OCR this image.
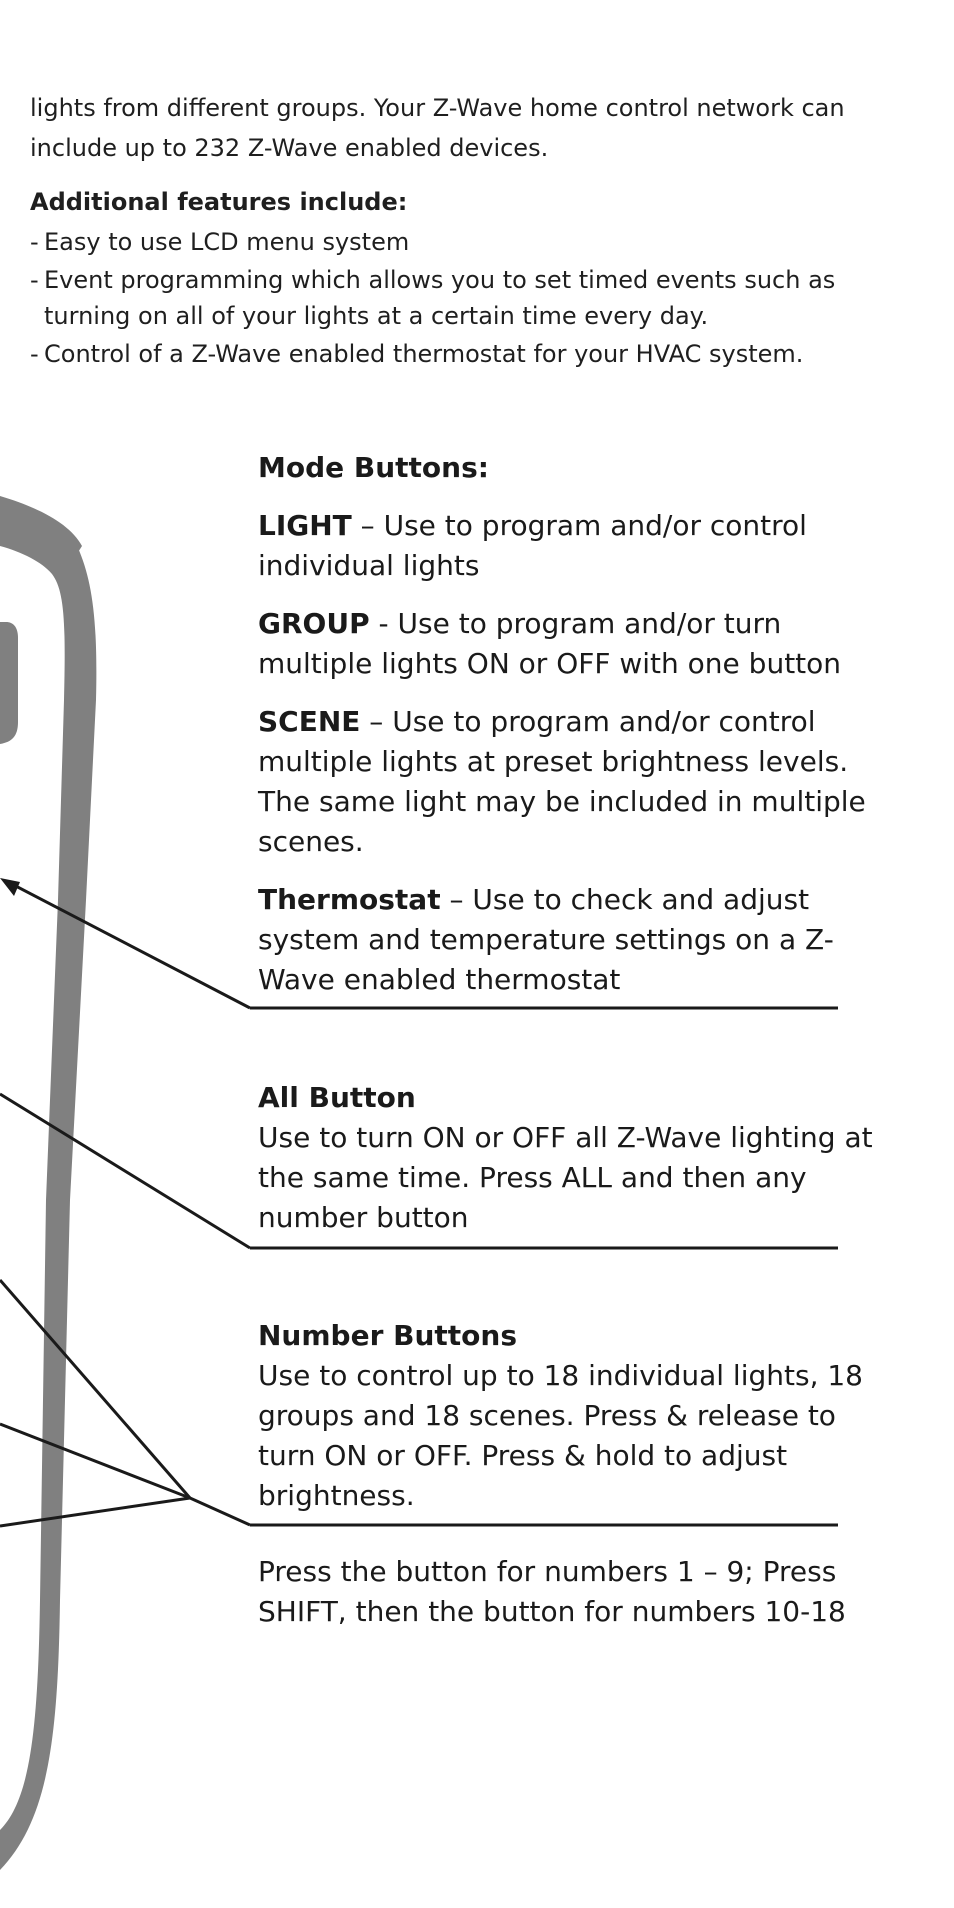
lights from different groups. Your Z-Wave home control network can include up to 232 Z-Wave enabled devices.

Additional features include:

- Easy to use LCD menu system
- Event programming which allows you to set timed events such as turning on all of your lights at a certain time every day.
- Control of a Z-Wave enabled thermostat for your HVAC system.

Mode Buttons:

LIGHT – Use to program and/or control individual lights

GROUP - Use to program and/or turn multiple lights ON or OFF with one button

SCENE – Use to program and/or control multiple lights at preset brightness levels. The same light may be included in multiple scenes.

Thermostat – Use to check and adjust system and temperature settings on a Z-Wave enabled thermostat

All Button

Use to turn ON or OFF all Z-Wave lighting at the same time. Press ALL and then any number button

Number Buttons

Use to control up to 18 individual lights, 18 groups and 18 scenes. Press & release to turn ON or OFF. Press & hold to adjust brightness.

Press the button for numbers 1 – 9; Press SHIFT, then the button for numbers 10-18
